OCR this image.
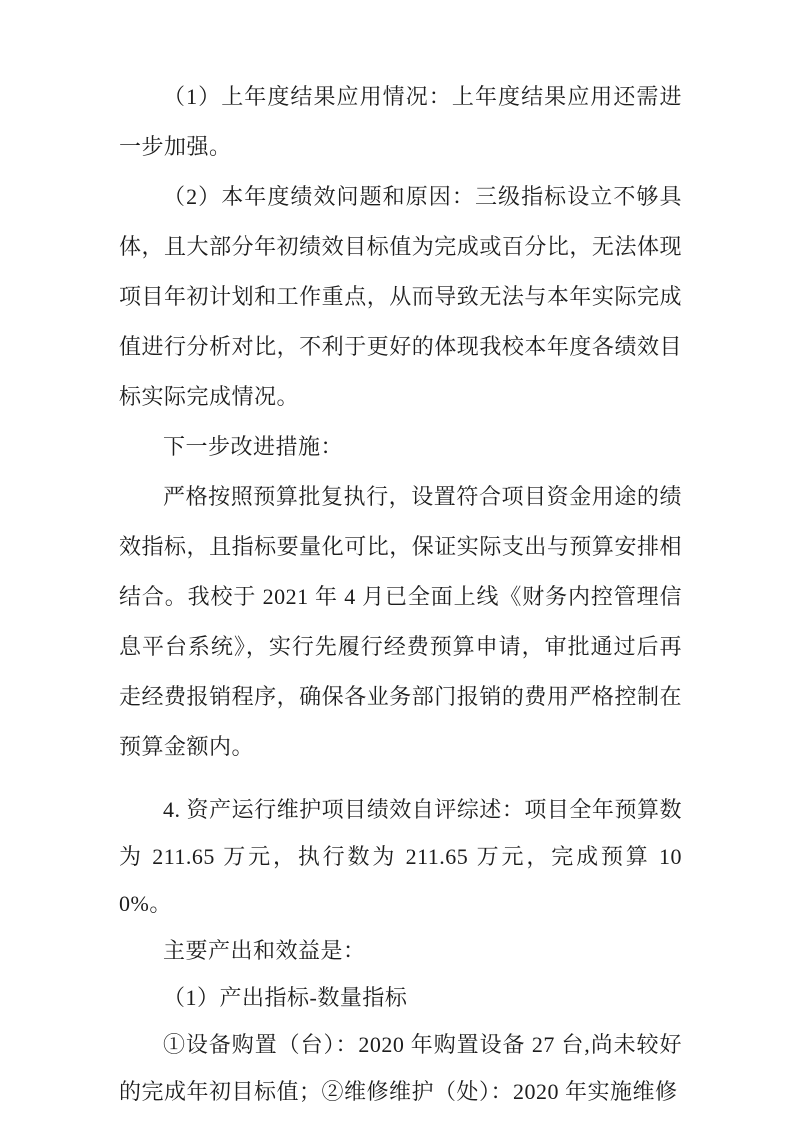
（1）上年度结果应用情况：上年度结果应用还需进一步加强。

（2）本年度绩效问题和原因：三级指标设立不够具体，且大部分年初绩效目标值为完成或百分比，无法体现项目年初计划和工作重点，从而导致无法与本年实际完成值进行分析对比，不利于更好的体现我校本年度各绩效目标实际完成情况。

下一步改进措施：

严格按照预算批复执行，设置符合项目资金用途的绩效指标，且指标要量化可比，保证实际支出与预算安排相结合。我校于 2021 年 4 月已全面上线《财务内控管理信息平台系统》，实行先履行经费预算申请，审批通过后再走经费报销程序，确保各业务部门报销的费用严格控制在预算金额内。

4. 资产运行维护项目绩效自评综述：项目全年预算数为 211.65 万元，执行数为 211.65 万元，完成预算 100%。

主要产出和效益是：

（1）产出指标-数量指标

①设备购置（台）：2020 年购置设备 27 台,尚未较好的完成年初目标值；②维修维护（处）：2020 年实施维修
